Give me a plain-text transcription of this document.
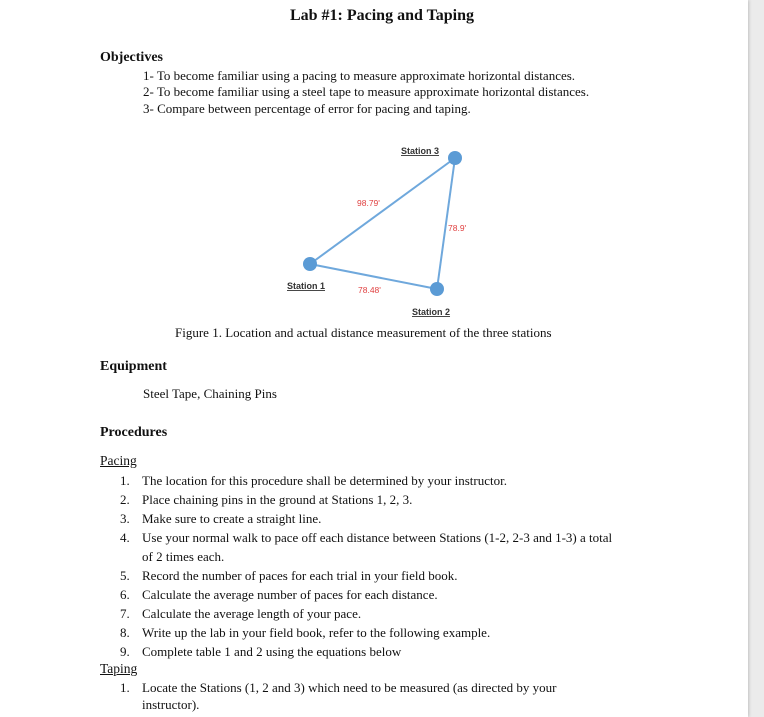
Lab #1: Pacing and Taping
Objectives
1- To become familiar using a pacing to measure approximate horizontal distances.
2- To become familiar using a steel tape to measure approximate horizontal distances.
3- Compare between percentage of error for pacing and taping.
Station 3
Station 1
Station 2
98.79'
78.9'
78.48'
Figure 1. Location and actual distance measurement of the three stations
Equipment
Steel Tape, Chaining Pins
Procedures
Pacing
1. The location for this procedure shall be determined by your instructor.
2. Place chaining pins in the ground at Stations 1, 2, 3.
3. Make sure to create a straight line.
4. Use your normal walk to pace off each distance between Stations (1-2, 2-3 and 1-3) a total
of 2 times each.
5. Record the number of paces for each trial in your field book.
6. Calculate the average number of paces for each distance.
7. Calculate the average length of your pace.
8. Write up the lab in your field book, refer to the following example.
9. Complete table 1 and 2 using the equations below
Taping
1. Locate the Stations (1, 2 and 3) which need to be measured (as directed by your
instructor).
